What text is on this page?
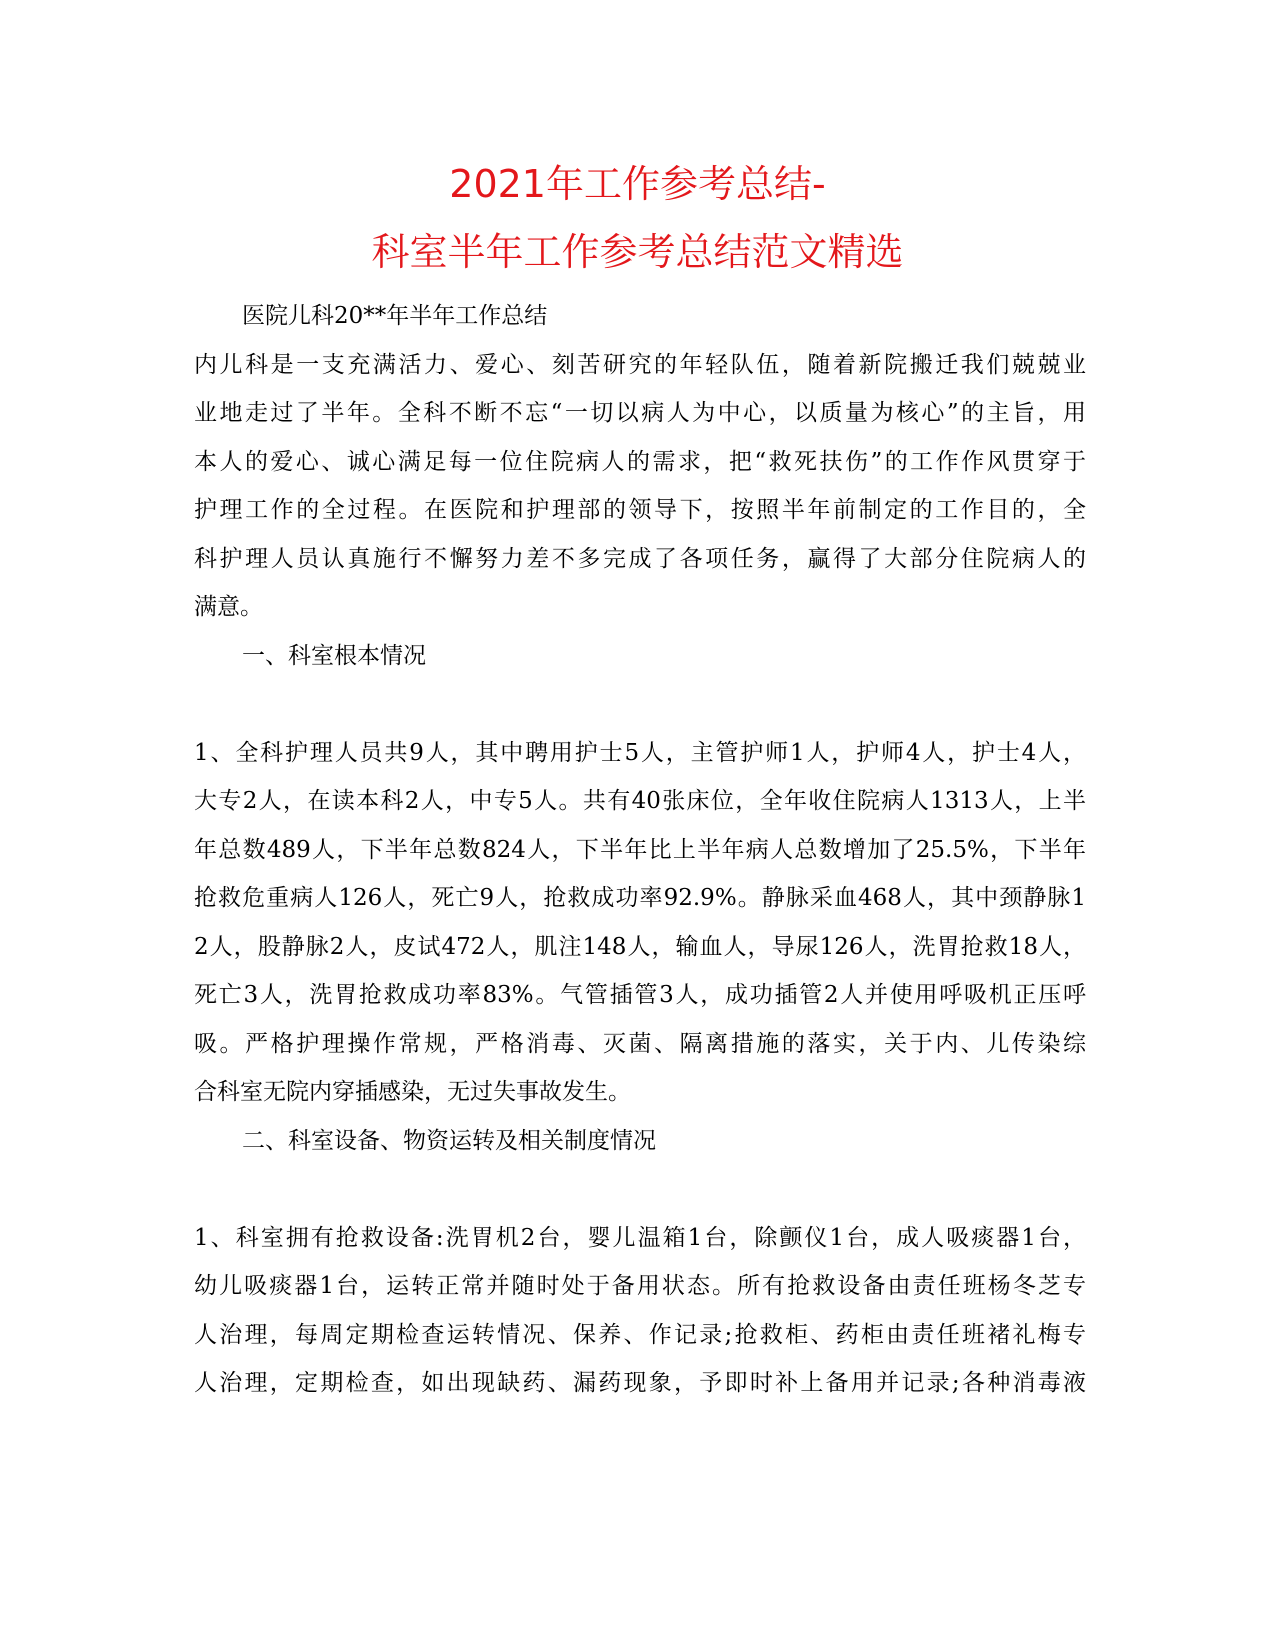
2021年工作参考总结-
科室半年工作参考总结范文精选
医院儿科20**年半年工作总结
内儿科是一支充满活力、爱心、刻苦研究的年轻队伍，随着新院搬迁我们兢兢业
业地走过了半年。全科不断不忘“一切以病人为中心，以质量为核心”的主旨，用
本人的爱心、诚心满足每一位住院病人的需求，把“救死扶伤”的工作作风贯穿于
护理工作的全过程。在医院和护理部的领导下，按照半年前制定的工作目的，全
科护理人员认真施行不懈努力差不多完成了各项任务，赢得了大部分住院病人的
满意。
一、科室根本情况
1、全科护理人员共9人，其中聘用护士5人，主管护师1人，护师4人，护士4人，
大专2人，在读本科2人，中专5人。共有40张床位，全年收住院病人1313人，上半
年总数489人，下半年总数824人，下半年比上半年病人总数增加了25.5%，下半年
抢救危重病人126人，死亡9人，抢救成功率92.9%。静脉采血468人，其中颈静脉1
2人，股静脉2人，皮试472人，肌注148人，输血人，导尿126人，洗胃抢救18人，
死亡3人，洗胃抢救成功率83%。气管插管3人，成功插管2人并使用呼吸机正压呼
吸。严格护理操作常规，严格消毒、灭菌、隔离措施的落实，关于内、儿传染综
合科室无院内穿插感染，无过失事故发生。
二、科室设备、物资运转及相关制度情况
1、科室拥有抢救设备:洗胃机2台，婴儿温箱1台，除颤仪1台，成人吸痰器1台，
幼儿吸痰器1台，运转正常并随时处于备用状态。所有抢救设备由责任班杨冬芝专
人治理，每周定期检查运转情况、保养、作记录;抢救柜、药柜由责任班褚礼梅专
人治理，定期检查，如出现缺药、漏药现象，予即时补上备用并记录;各种消毒液
